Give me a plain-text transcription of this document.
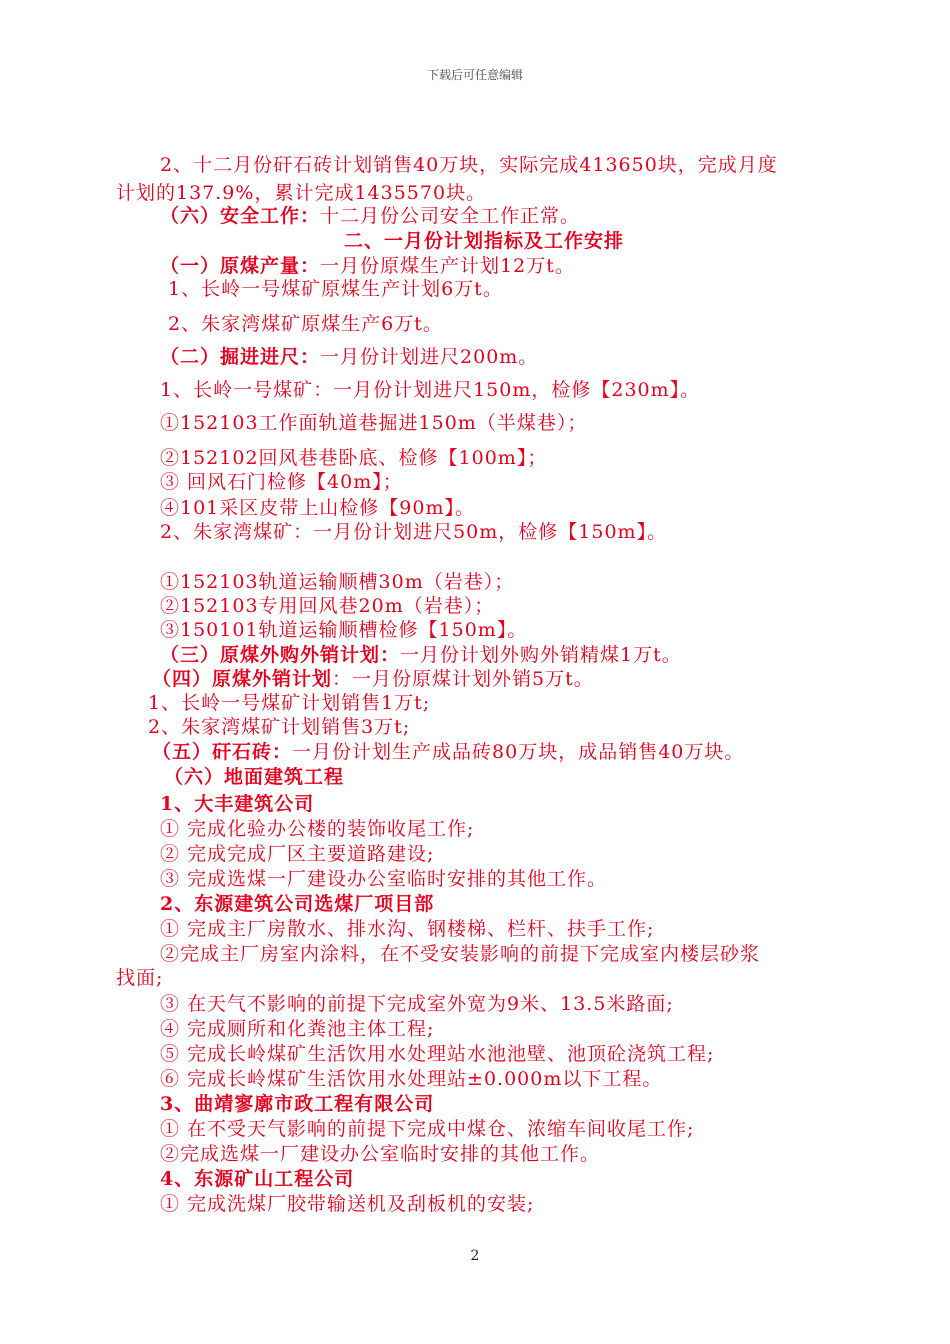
下载后可任意编辑
2、十二月份矸石砖计划销售40万块，实际完成413650块，完成月度
计划的137.9%，累计完成1435570块。
（六）安全工作：十二月份公司安全工作正常。
二、一月份计划指标及工作安排
（一）原煤产量：一月份原煤生产计划12万t。
1、长岭一号煤矿原煤生产计划6万t。
2、朱家湾煤矿原煤生产6万t。
（二）掘进进尺：一月份计划进尺200m。
1、长岭一号煤矿：一月份计划进尺150m，检修【230m】。
①152103工作面轨道巷掘进150m（半煤巷）；
②152102回风巷巷卧底、检修【100m】；
③ 回风石门检修【40m】；
④101采区皮带上山检修【90m】。
2、朱家湾煤矿：一月份计划进尺50m，检修【150m】。
①152103轨道运输顺槽30m（岩巷）；
②152103专用回风巷20m（岩巷）；
③150101轨道运输顺槽检修【150m】。
（三）原煤外购外销计划：一月份计划外购外销精煤1万t。
（四）原煤外销计划：一月份原煤计划外销5万t。
1、长岭一号煤矿计划销售1万t;
2、朱家湾煤矿计划销售3万t;
（五）矸石砖：一月份计划生产成品砖80万块，成品销售40万块。
（六）地面建筑工程
1、大丰建筑公司
① 完成化验办公楼的装饰收尾工作;
② 完成完成厂区主要道路建设;
③ 完成选煤一厂建设办公室临时安排的其他工作。
2、东源建筑公司选煤厂项目部
① 完成主厂房散水、排水沟、钢楼梯、栏杆、扶手工作;
②完成主厂房室内涂料，在不受安装影响的前提下完成室内楼层砂浆
找面;
③ 在天气不影响的前提下完成室外宽为9米、13.5米路面;
④ 完成厕所和化粪池主体工程;
⑤ 完成长岭煤矿生活饮用水处理站水池池壁、池顶砼浇筑工程;
⑥ 完成长岭煤矿生活饮用水处理站±0.000m以下工程。
3、曲靖寥廓市政工程有限公司
① 在不受天气影响的前提下完成中煤仓、浓缩车间收尾工作;
②完成选煤一厂建设办公室临时安排的其他工作。
4、东源矿山工程公司
① 完成洗煤厂胶带输送机及刮板机的安装;
2
